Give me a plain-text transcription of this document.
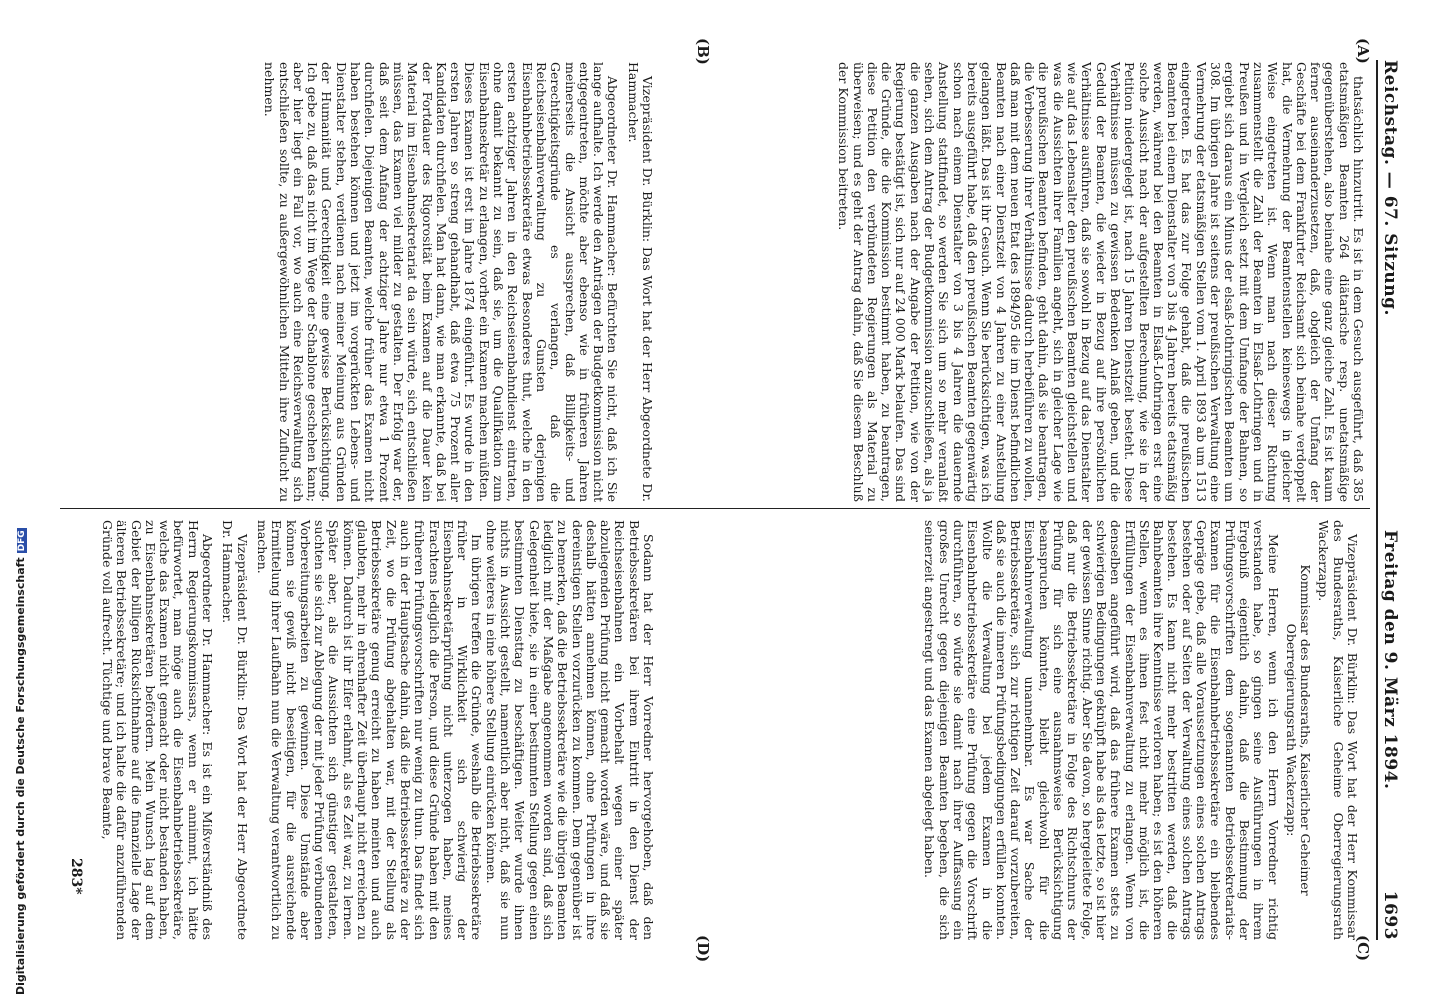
Reichstag. — 67. Sitzung.
Freitag den 9. März 1894.
1693
(A)
(B)
(C)
(D)

thatsächlich hinzutritt. Es ist in dem Gesuch ausgeführt, daß 385 etatsmäßigen Beamten 264 diätarische resp. unetatsmäßige gegenüberstehen, also beinahe eine ganz gleiche Zahl. Es ist kaum ferner auseinanderzusetzen, daß, obgleich der Umfang der Geschäfte bei dem Frankfurter Reichsamt sich beinahe verdoppelt hat, die Vermehrung der Beamtenstellen keineswegs in gleicher Weise eingetreten ist. Wenn man nach dieser Richtung zusammenstellt die Zahl der Beamten in Elsaß-Lothringen und in Preußen und in Vergleich setzt mit dem Umfange der Bahnen, so ergiebt sich daraus ein Minus der elsaß-lothringischen Beamten um 308. Im übrigen Jahre ist seitens der preußischen Verwaltung eine Vermehrung der etatsmäßigen Stellen vom 1. April 1893 ab um 1513 eingetreten. Es hat das zur Folge gehabt, daß die preußischen Beamten bei einem Dienstalter von 3 bis 4 Jahren bereits etatsmäßig werden, während bei den Beamten in Elsaß-Lothringen erst eine solche Aussicht nach der aufgestellten Berechnung, wie sie in der Petition niedergelegt ist, nach 15 Jahren Dienstzeit besteht. Diese Verhältnisse müssen zu gewissen Bedenken Anlaß geben, und die Geduld der Beamten, die wieder in Bezug auf ihre persönlichen Verhältnisse ausführen, daß sie sowohl in Bezug auf das Dienstalter wie auf das Lebensalter den preußischen Beamten gleichstellen und was die Aussichten ihrer Familien angeht, sich in gleicher Lage wie die preußischen Beamten befinden, geht dahin, daß sie beantragen, die Verbesserung ihrer Verhältnisse dadurch herbeiführen zu wollen, daß man mit dem neuen Etat des 1894/95 die im Dienst befindlichen Beamten nach einer Dienstzeit von 4 Jahren zu einer Anstellung gelangen läßt. Das ist ihr Gesuch. Wenn Sie berücksichtigen, was ich bereits ausgeführt habe, daß den preußischen Beamten gegenwärtig schon nach einem Dienstalter von 3 bis 4 Jahren die dauernde Anstellung stattfindet, so werden Sie sich um so mehr veranlaßt sehen, sich dem Antrag der Budgetkommission anzuschließen, als ja die ganzen Ausgaben nach der Angabe der Petition, wie von der Regierung bestätigt ist, sich nur auf 24 000 Mark belaufen. Das sind die Gründe, die die Kommission bestimmt haben, zu beantragen, diese Petition den verbündeten Regierungen als Material zu überweisen; und es geht der Antrag dahin, daß Sie diesem Beschluß der Kommission beitreten.

Vizepräsident Dr. Bürklin: Das Wort hat der Herr Abgeordnete Dr. Hammacher.

Abgeordneter Dr. Hammacher: Befürchten Sie nicht, daß ich Sie lange aufhalte. Ich werde den Anträgen der Budgetkommission nicht entgegentreten, möchte aber ebenso wie in früheren Jahren meinerseits die Ansicht aussprechen, daß Billigkeits- und Gerechtigkeitsgründe es verlangen, daß die Reichseisenbahnverwaltung zu Gunsten derjenigen Eisenbahnbetriebssekretäre etwas Besonderes thut, welche in den ersten achtziger Jahren in den Reichseisenbahndienst eintraten, ohne damit bekannt zu sein, daß sie, um die Qualifikation zum Eisenbahnsekretär zu erlangen, vorher ein Examen machen müßten. Dieses Examen ist erst im Jahre 1874 eingeführt. Es wurde in den ersten Jahren so streng gehandhabt, daß etwa 75 Prozent aller Kandidaten durchfielen. Man hat dann, wie man erkannte, daß bei der Fortdauer des Rigorosität beim Examen auf die Dauer kein Material im Eisenbahnsekretariat da sein würde, sich entschließen müssen, das Examen viel milder zu gestalten. Der Erfolg war der, daß seit dem Anfang der achtziger Jahre nur etwa 1 Prozent durchfielen. Diejenigen Beamten, welche früher das Examen nicht haben bestehen können und jetzt im vorgerückten Lebens- und Dienstalter stehen, verdienen nach meiner Meinung aus Gründen der Humanität und Gerechtigkeit eine gewisse Berücksichtigung. Ich gebe zu, daß das nicht im Wege der Schablone geschehen kann; aber hier liegt ein Fall vor, wo auch eine Reichsverwaltung sich entschließen sollte, zu außergewöhnlichen Mitteln ihre Zuflucht zu nehmen.

Vizepräsident Dr. Bürklin: Das Wort hat der Herr Kommissar des Bundesraths, Kaiserliche Geheime Oberregierungsrath Wackerzapp.

Kommissar des Bundesraths, Kaiserlicher Geheimer Oberregierungsrath Wackerzapp:

Meine Herren, wenn ich den Herrn Vorredner richtig verstanden habe, so gingen seine Ausführungen in ihrem Ergebniß eigentlich dahin, daß die Bestimmung der Prüfungsvorschriften dem sogenannten Betriebssekretariats-Examen für die Eisenbahnbetriebssekretäre ein bleibendes Gepräge gebe, daß alle Voraussetzungen eines solchen Antrags bestehen oder auf Seiten der Verwaltung eines solchen Antrags bestehen. Es kann nicht mehr bestritten werden, daß die Bahnbeamten ihre Kenntnisse verloren haben; es ist den höheren Stellen, wenn es ihnen fest nicht mehr möglich ist, die Erfüllungen der Eisenbahnverwaltung zu erlangen. Wenn von denselben angeführt wird, daß das frühere Examen stets zu schwierigen Bedingungen geknüpft habe als das letzte, so ist hier der gewissen Sinne richtig. Aber Sie davon, so hergeleitete Folge, daß nur die Betriebssekretäre in Folge des Richtschnurs der Prüfung für sich eine ausnahmsweise Berücksichtigung beanspruchen könnten, bleibt gleichwohl für die Eisenbahnverwaltung unannehmbar. Es war Sache der Betriebssekretäre, sich zur richtigen Zeit darauf vorzubereiten, daß sie auch die inneren Prüfungsbedingungen erfüllen konnten. Wollte die Verwaltung bei jedem Examen in die Eisenbahnbetriebssekretäre eine Prüfung gegen die Vorschrift durchführen, so würde sie damit nach ihrer Auffassung ein großes Unrecht gegen diejenigen Beamten begehen, die sich seinerzeit angestrengt und das Examen abgelegt haben.

Sodann hat der Herr Vorredner hervorgehoben, daß den Betriebssekretären bei ihrem Eintritt in den Dienst der Reichseisenbahnen ein Vorbehalt wegen einer später abzulegenden Prüfung nicht gemacht worden wäre, und daß sie deshalb hätten annehmen können, ohne Prüfungen in ihre dereinstigen Stellen vorzurücken zu kommen. Dem gegenüber ist zu bemerken, daß die Betriebssekretäre wie die übrigen Beamten lediglich mit der Maßgabe angenommen worden sind, daß sich Gelegenheit biete, sie in einer bestimmten Stellung gegen einen bestimmten Diensttag zu beschäftigen. Weiter wurde ihnen nichts in Aussicht gestellt, namentlich aber nicht, daß sie nun ohne weiteres in eine höhere Stellung einrücken können.

Im übrigen treffen die Gründe, weshalb die Betriebssekretäre früher in Wirklichkeit sich schwierig der Eisenbahnsekretärprüfung nicht unterzogen haben, meines Erachtens lediglich die Person, und diese Gründe haben mit den früheren Prüfungsvorschriften nur wenig zu thun. Das findet sich auch in der Hauptsache dahin, daß die Betriebssekretäre zu der Zeit, wo die Prüfung abgehalten war, mit der Stellung als Betriebssekretäre genug erreicht zu haben meinten und auch glaubten, mehr in ehrenhafter Zeit überhaupt nicht erreichen zu können. Dadurch ist ihr Eifer erlahmt, als es Zeit war, zu lernen. Später aber, als die Aussichten sich günstiger gestalteten, suchten sie sich zur Ablegung der mit jeder Prüfung verbundenen Vorbereitungsarbeiten zu gewinnen. Diese Umstände aber können sie gewiß nicht beseitigen, für die ausreichende Ermittelung ihrer Laufbahn nun die Verwaltung verantwortlich zu machen.

Vizepräsident Dr. Bürklin: Das Wort hat der Herr Abgeordnete Dr. Hammacher.

Abgeordneter Dr. Hammacher: Es ist ein Mißverständniß des Herrn Regierungskommissars, wenn er annimmt, ich hätte befürwortet, man möge auch die Eisenbahnbetriebssekretäre, welche das Examen nicht gemacht oder nicht bestanden haben, zu Eisenbahnsekretären befördern. Mein Wunsch lag auf dem Gebiet der billigen Rücksichtnahme auf die finanzielle Lage der älteren Betriebssekretäre; und ich halte die dafür anzuführenden Gründe voll aufrecht. Tüchtige und brave Beamte,

283*
Digitalisierung gefördert durch die Deutsche ForschungsgemeinschaftDFG
